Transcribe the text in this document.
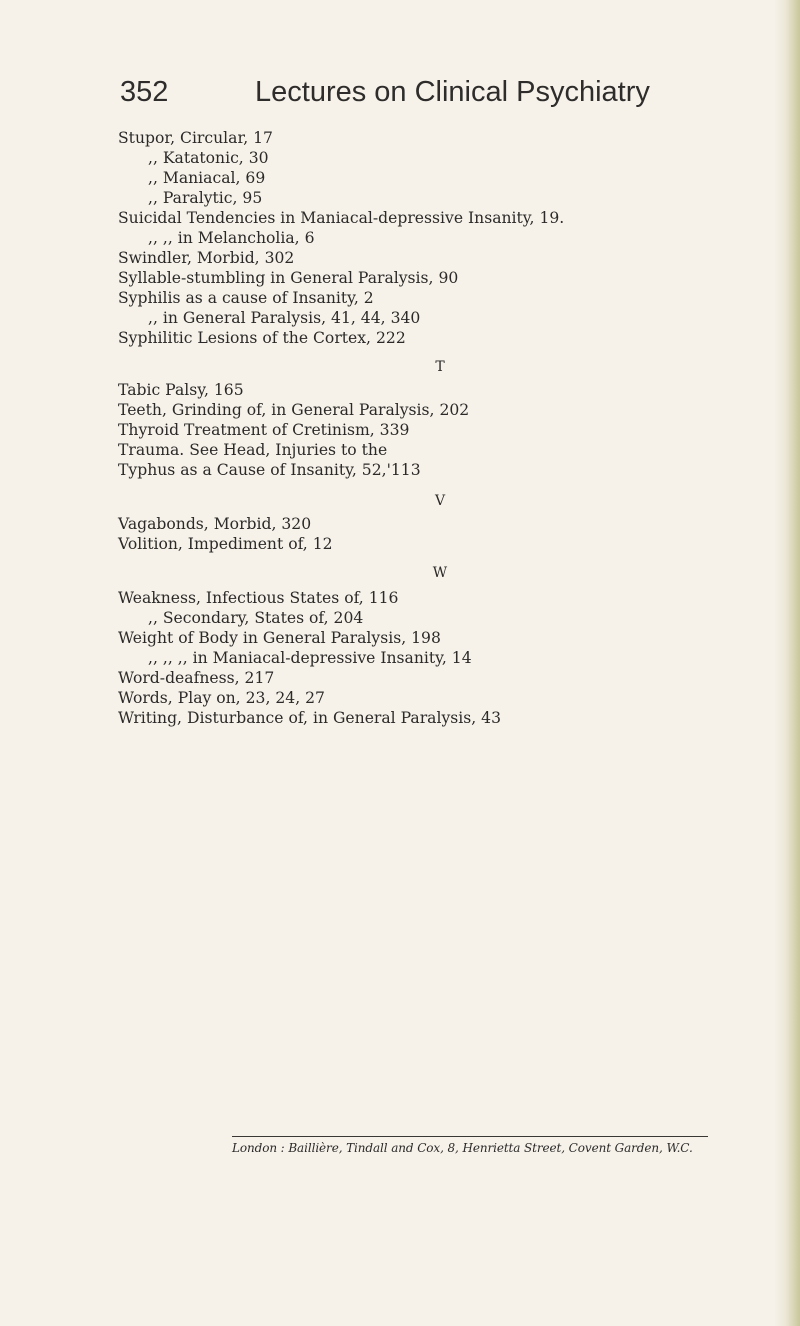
352	Lectures on Clinical Psychiatry
Stupor, Circular, 17
,, Katatonic, 30
,, Maniacal, 69
,, Paralytic, 95
Suicidal Tendencies in Maniacal-depressive Insanity, 19.
,, ,, in Melancholia, 6
Swindler, Morbid, 302
Syllable-stumbling in General Paralysis, 90
Syphilis as a cause of Insanity, 2
,, in General Paralysis, 41, 44, 340
Syphilitic Lesions of the Cortex, 222
T
Tabic Palsy, 165
Teeth, Grinding of, in General Paralysis, 202
Thyroid Treatment of Cretinism, 339
Trauma. See Head, Injuries to the
Typhus as a Cause of Insanity, 52,'113
V
Vagabonds, Morbid, 320
Volition, Impediment of, 12
W
Weakness, Infectious States of, 116
,, Secondary, States of, 204
Weight of Body in General Paralysis, 198
,, ,, ,, in Maniacal-depressive Insanity, 14
Word-deafness, 217
Words, Play on, 23, 24, 27
Writing, Disturbance of, in General Paralysis, 43
London : Baillière, Tindall and Cox, 8, Henrietta Street, Covent Garden, W.C.
